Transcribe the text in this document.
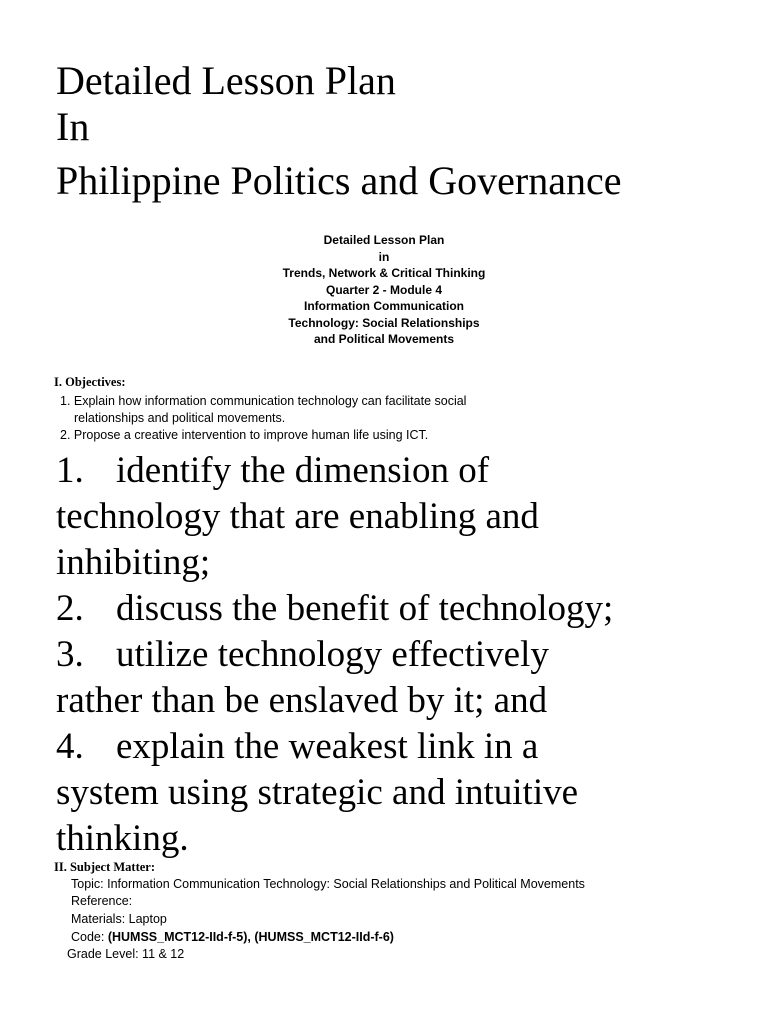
Detailed Lesson Plan
In
Philippine Politics and Governance
Detailed Lesson Plan
in
Trends, Network & Critical Thinking
Quarter 2 - Module 4
Information Communication
Technology: Social Relationships
and Political Movements
I. Objectives:
1. Explain how information communication technology can facilitate social
relationships and political movements.
2. Propose a creative intervention to improve human life using ICT.
1. identify the dimension of
technology that are enabling and
inhibiting;
2. discuss the benefit of technology;
3. utilize technology effectively
rather than be enslaved by it; and
4. explain the weakest link in a
system using strategic and intuitive
thinking.
II. Subject Matter:
Topic: Information Communication Technology: Social Relationships and Political Movements
Reference:
Materials: Laptop
Code: (HUMSS_MCT12-IId-f-5), (HUMSS_MCT12-IId-f-6)
Grade Level: 11 & 12
